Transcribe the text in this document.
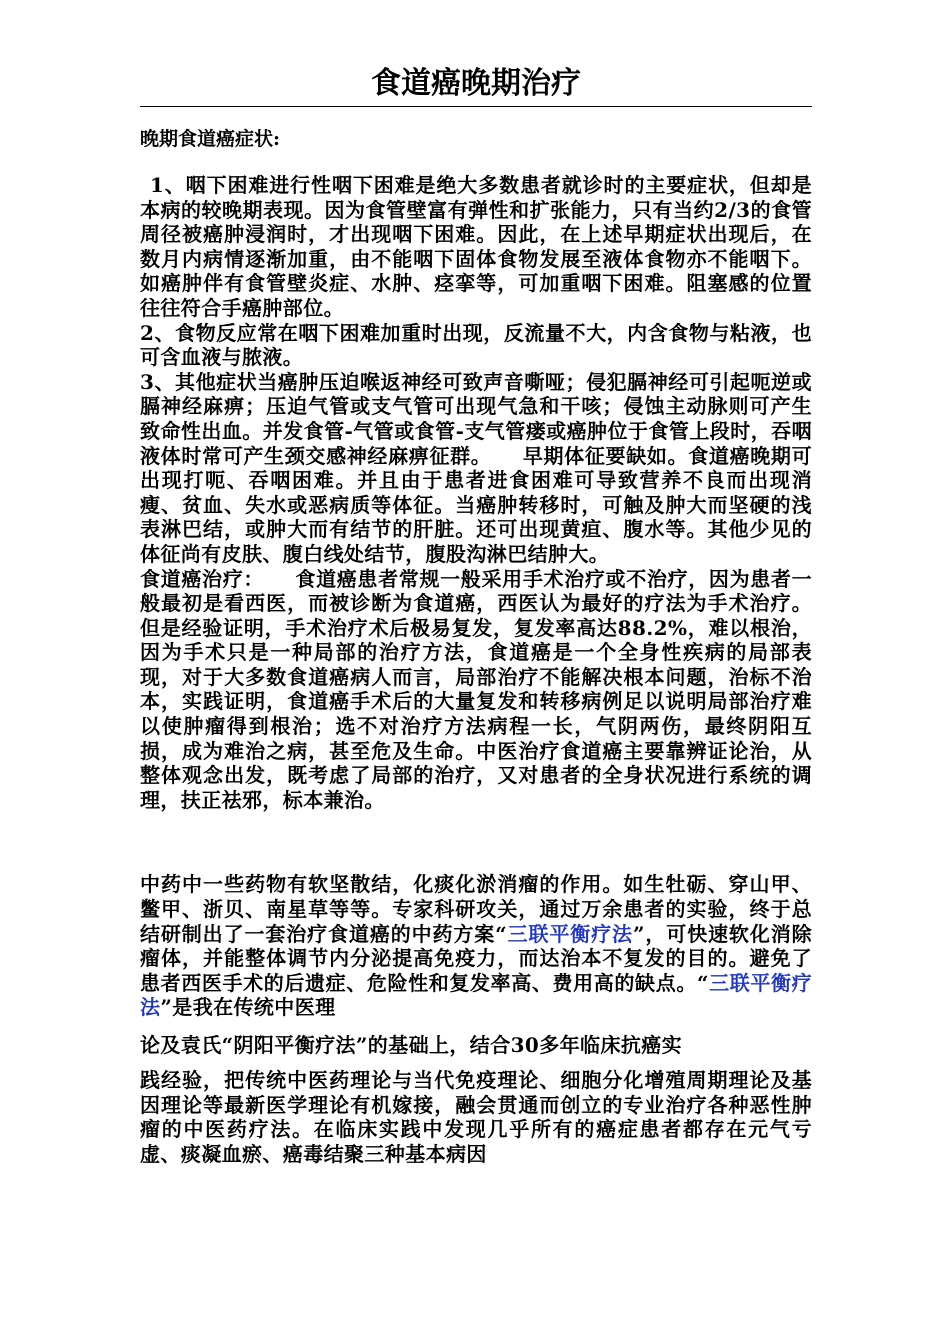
食道癌晚期治疗
晚期食道癌症状:

1、咽下困难进行性咽下困难是绝大多数患者就诊时的主要症状，但却是本病的较晚期表现。因为食管壁富有弹性和扩张能力，只有当约2/3的食管周径被癌肿浸润时，才出现咽下困难。因此，在上述早期症状出现后，在数月内病情逐渐加重，由不能咽下固体食物发展至液体食物亦不能咽下。如癌肿伴有食管壁炎症、水肿、痉挛等，可加重咽下困难。阻塞感的位置往往符合手癌肿部位。

2、食物反应常在咽下困难加重时出现，反流量不大，内含食物与粘液，也可含血液与脓液。

3、其他症状当癌肿压迫喉返神经可致声音嘶哑；侵犯膈神经可引起呃逆或膈神经麻痹；压迫气管或支气管可出现气急和干咳；侵蚀主动脉则可产生致命性出血。并发食管-气管或食管-支气管瘘或癌肿位于食管上段时，吞咽液体时常可产生颈交感神经麻痹征群。　　早期体征要缺如。食道癌晚期可出现打呃、吞咽困难。并且由于患者进食困难可导致营养不良而出现消瘦、贫血、失水或恶病质等体征。当癌肿转移时，可触及肿大而坚硬的浅表淋巴结，或肿大而有结节的肝脏。还可出现黄疸、腹水等。其他少见的体征尚有皮肤、腹白线处结节，腹股沟淋巴结肿大。

食道癌治疗：　　食道癌患者常规一般采用手术治疗或不治疗，因为患者一般最初是看西医，而被诊断为食道癌，西医认为最好的疗法为手术治疗。但是经验证明，手术治疗术后极易复发，复发率高达88.2%，难以根治，因为手术只是一种局部的治疗方法，食道癌是一个全身性疾病的局部表现，对于大多数食道癌病人而言，局部治疗不能解决根本问题，治标不治本，实践证明，食道癌手术后的大量复发和转移病例足以说明局部治疗难以使肿瘤得到根治；选不对治疗方法病程一长，气阴两伤，最终阴阳互损，成为难治之病，甚至危及生命。中医治疗食道癌主要靠辨证论治，从整体观念出发，既考虑了局部的治疗，又对患者的全身状况进行系统的调理，扶正祛邪，标本兼治。

中药中一些药物有软坚散结，化痰化淤消瘤的作用。如生牡砺、穿山甲、鳖甲、浙贝、南星草等等。专家科研攻关，通过万余患者的实验，终于总结研制出了一套治疗食道癌的中药方案“三联平衡疗法”，可快速软化消除瘤体，并能整体调节内分泌提高免疫力，而达治本不复发的目的。避免了患者西医手术的后遗症、危险性和复发率高、费用高的缺点。“三联平衡疗法”是我在传统中医理

论及袁氏“阴阳平衡疗法”的基础上，结合30多年临床抗癌实

践经验，把传统中医药理论与当代免疫理论、细胞分化增殖周期理论及基因理论等最新医学理论有机嫁接，融会贯通而创立的专业治疗各种恶性肿瘤的中医药疗法。在临床实践中发现几乎所有的癌症患者都存在元气亏虚、痰凝血瘀、癌毒结聚三种基本病因
